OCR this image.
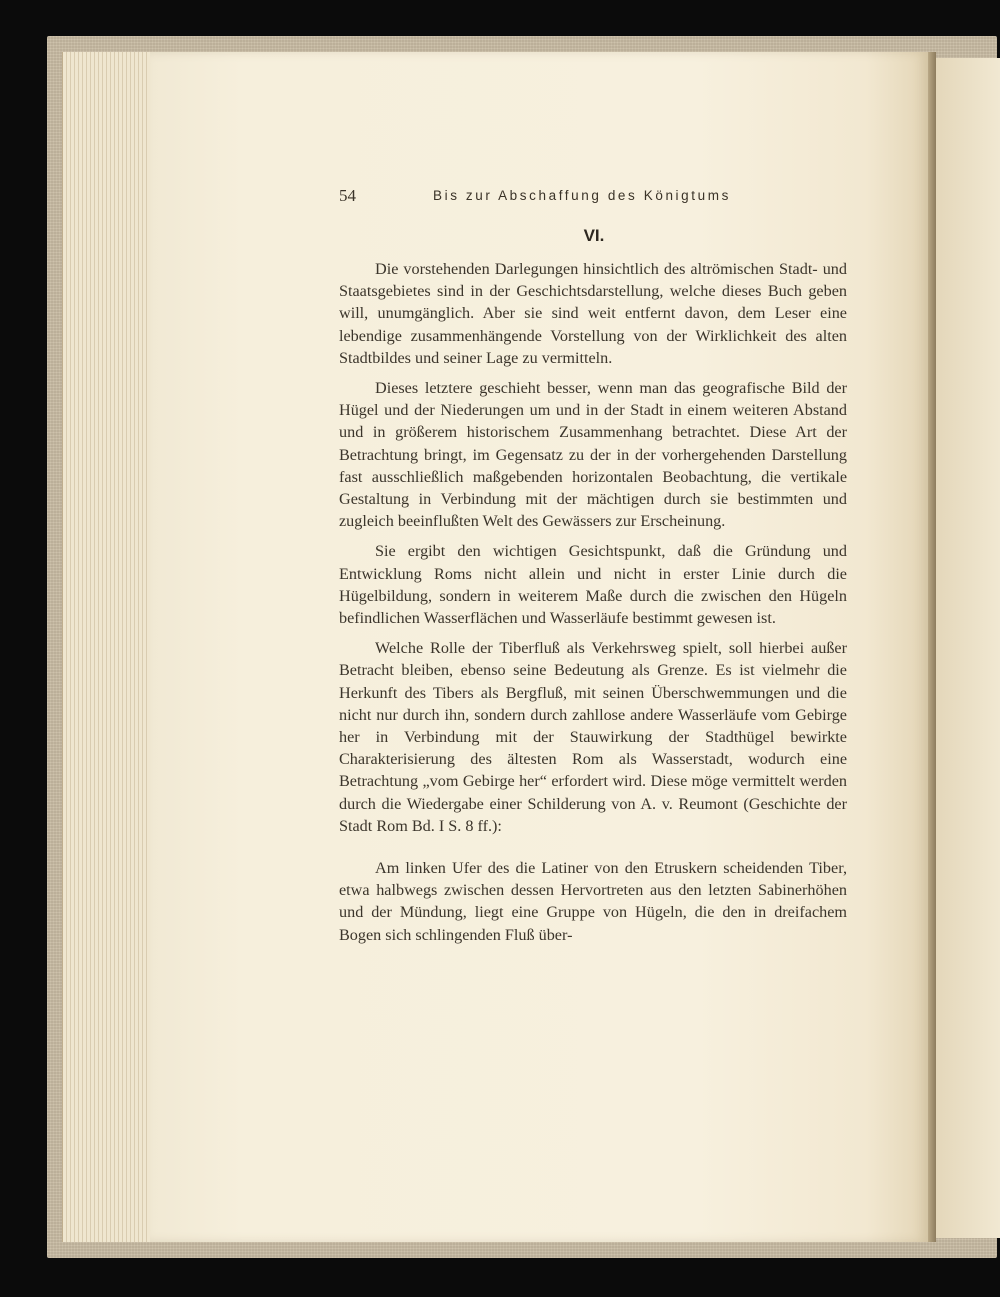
54	Bis zur Abschaffung des Königtums
VI.

Die vorstehenden Darlegungen hinsichtlich des altrömischen Stadt- und Staatsgebietes sind in der Geschichtsdarstellung, welche dieses Buch geben will, unumgänglich. Aber sie sind weit entfernt davon, dem Leser eine lebendige zusammenhängende Vorstellung von der Wirklichkeit des alten Stadtbildes und seiner Lage zu vermitteln.

Dieses letztere geschieht besser, wenn man das geografische Bild der Hügel und der Niederungen um und in der Stadt in einem weiteren Abstand und in größerem historischem Zusammenhang betrachtet. Diese Art der Betrachtung bringt, im Gegensatz zu der in der vorhergehenden Darstellung fast ausschließlich maßgebenden horizontalen Beobachtung, die vertikale Gestaltung in Verbindung mit der mächtigen durch sie bestimmten und zugleich beeinflußten Welt des Gewässers zur Erscheinung.

Sie ergibt den wichtigen Gesichtspunkt, daß die Gründung und Entwicklung Roms nicht allein und nicht in erster Linie durch die Hügelbildung, sondern in weiterem Maße durch die zwischen den Hügeln befindlichen Wasserflächen und Wasserläufe bestimmt gewesen ist.

Welche Rolle der Tiberfluß als Verkehrsweg spielt, soll hierbei außer Betracht bleiben, ebenso seine Bedeutung als Grenze. Es ist vielmehr die Herkunft des Tibers als Bergfluß, mit seinen Überschwemmungen und die nicht nur durch ihn, sondern durch zahllose andere Wasserläufe vom Gebirge her in Verbindung mit der Stauwirkung der Stadthügel bewirkte Charakterisierung des ältesten Rom als Wasserstadt, wodurch eine Betrachtung „vom Gebirge her“ erfordert wird. Diese möge vermittelt werden durch die Wiedergabe einer Schilderung von A. v. Reumont (Geschichte der Stadt Rom Bd. I S. 8 ff.):

Am linken Ufer des die Latiner von den Etruskern scheidenden Tiber, etwa halbwegs zwischen dessen Hervortreten aus den letzten Sabinerhöhen und der Mündung, liegt eine Gruppe von Hügeln, die den in dreifachem Bogen sich schlingenden Fluß über-
